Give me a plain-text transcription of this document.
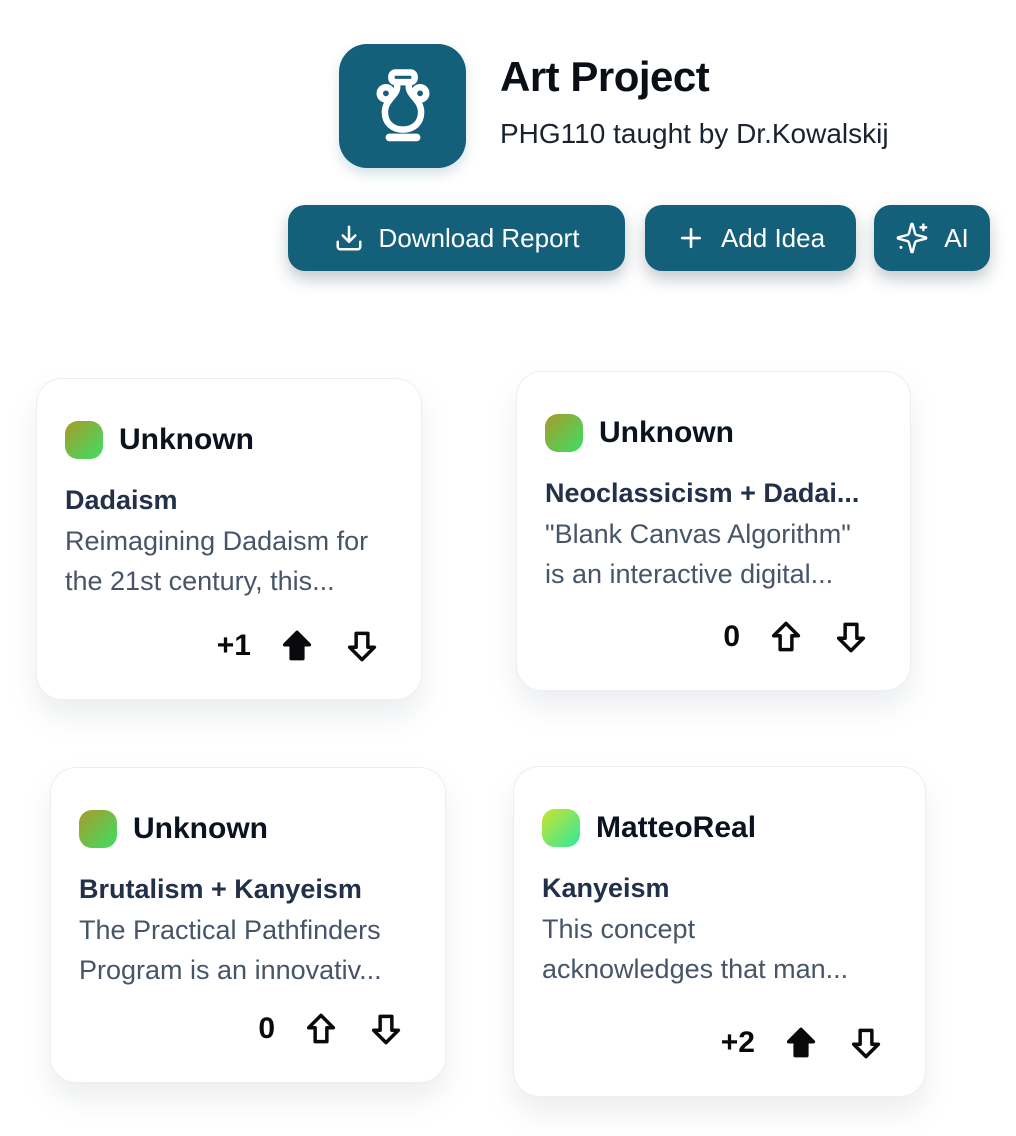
Art Project
PHG110 taught by Dr.Kowalskij
Download Report	Add Idea	AI
Unknown
Dadaism
Reimagining Dadaism for
the 21st century, this...
+1
Unknown
Neoclassicism + Dadai...
"Blank Canvas Algorithm"
is an interactive digital...
0
Unknown
Brutalism + Kanyeism
The Practical Pathfinders
Program is an innovativ...
0
MatteoReal
Kanyeism
This concept
acknowledges that man...
+2
